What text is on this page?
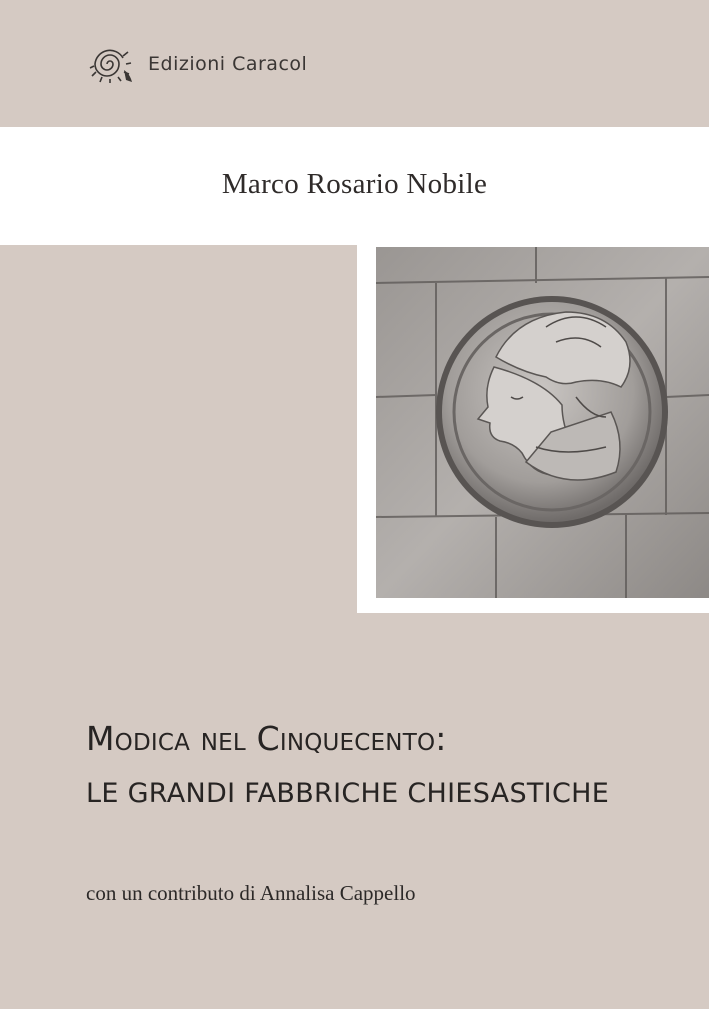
Edizioni Caracol
Marco Rosario Nobile
Modica nel Cinquecento:
LE GRANDI FABBRICHE CHIESASTICHE
con un contributo di Annalisa Cappello
